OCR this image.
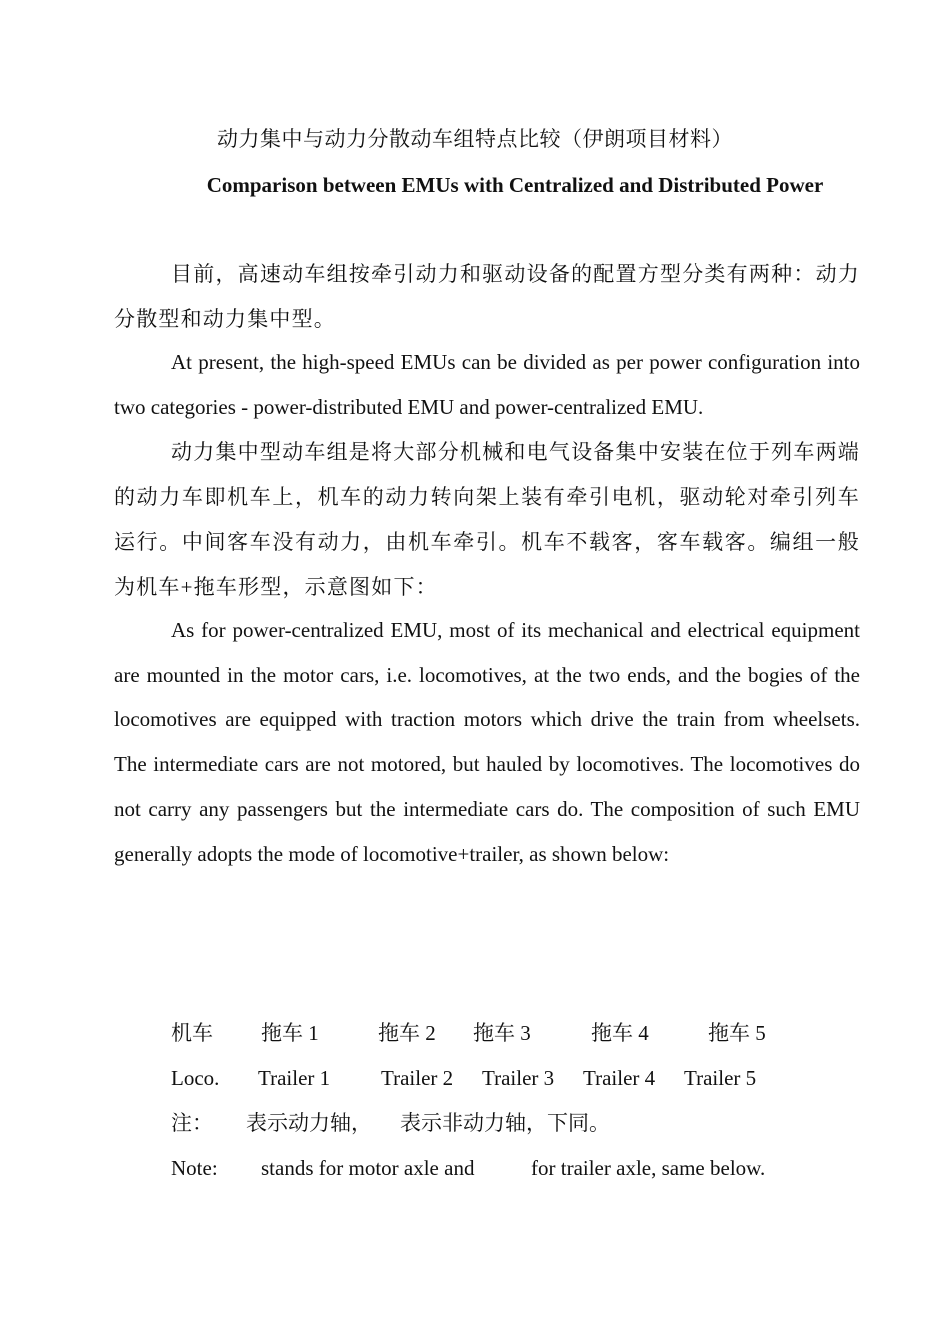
动力集中与动力分散动车组特点比较（伊朗项目材料）
Comparison between EMUs with Centralized and Distributed Power

目前，高速动车组按牵引动力和驱动设备的配置方型分类有两种：动力分散型和动力集中型。

At present, the high-speed EMUs can be divided as per power configuration into two categories - power-distributed EMU and power-centralized EMU.

动力集中型动车组是将大部分机械和电气设备集中安装在位于列车两端的动力车即机车上，机车的动力转向架上装有牵引电机，驱动轮对牵引列车运行。中间客车没有动力，由机车牵引。机车不载客，客车载客。编组一般为机车+拖车形型，示意图如下：

As for power-centralized EMU, most of its mechanical and electrical equipment are mounted in the motor cars, i.e. locomotives, at the two ends, and the bogies of the locomotives are equipped with traction motors which drive the train from wheelsets. The intermediate cars are not motored, but hauled by locomotives. The locomotives do not carry any passengers but the intermediate cars do. The composition of such EMU generally adopts the mode of locomotive+trailer, as shown below:

机车 拖车 1	拖车 2 拖车 3	拖车 4	拖车 5
Loco. Trailer 1 Trailer 2 Trailer 3 Trailer 4 Trailer 5
注： 表示动力轴， 表示非动力轴，下同。
Note: stands for motor axle and	for trailer axle, same below.
